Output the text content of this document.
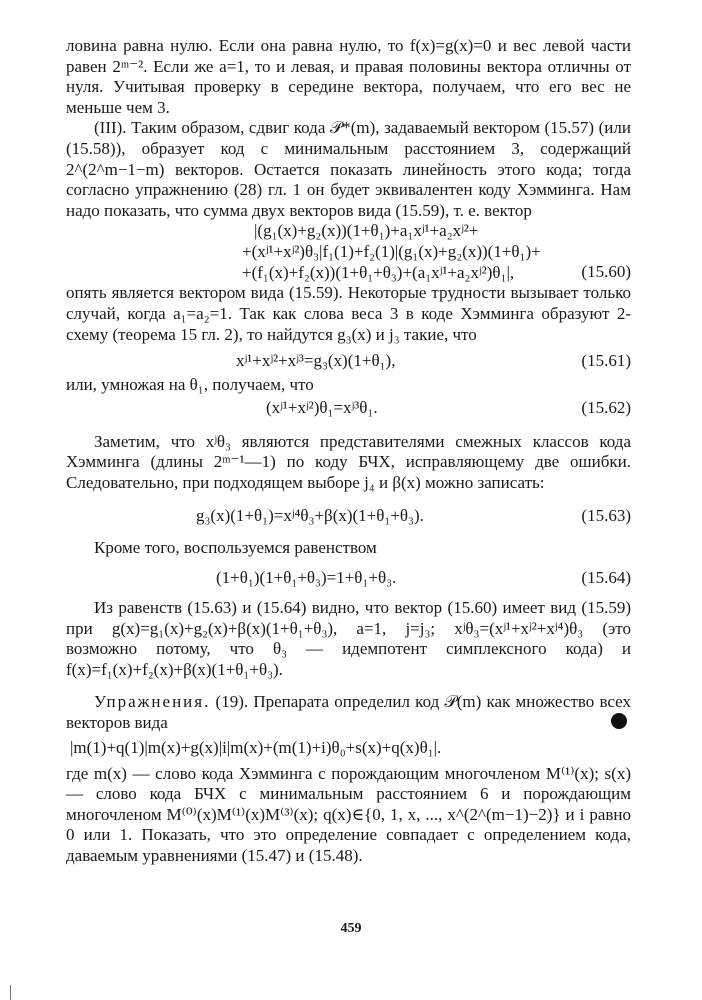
ловина равна нулю. Если она равна нулю, то f(x)=g(x)=0 и вес левой части равен 2ᵐ⁻². Если же a=1, то и левая, и правая половины вектора отличны от нуля. Учитывая проверку в середине вектора, получаем, что его вес не меньше чем 3.

(III). Таким образом, сдвиг кода 𝒫*(m), задаваемый вектором (15.57) (или (15.58)), образует код с минимальным расстоянием 3, содержащий 2^(2^m−1−m) векторов. Остается показать линейность этого кода; тогда согласно упражнению (28) гл. 1 он будет эквивалентен коду Хэмминга. Нам надо показать, что сумма двух векторов вида (15.59), т. е. вектор

|(g₁(x)+g₂(x))(1+θ₁)+a₁xʲ¹+a₂xʲ²+
+(xʲ¹+xʲ²)θ₃|f₁(1)+f₂(1)|(g₁(x)+g₂(x))(1+θ₁)+
+(f₁(x)+f₂(x))(1+θ₁+θ₃)+(a₁xʲ¹+a₂xʲ²)θ₁|,	(15.60)

опять является вектором вида (15.59). Некоторые трудности вызывает только случай, когда a₁=a₂=1. Так как слова веса 3 в коде Хэмминга образуют 2-схему (теорема 15 гл. 2), то найдутся g₃(x) и j₃ такие, что

xʲ¹+xʲ²+xʲ³=g₃(x)(1+θ₁),	(15.61)

или, умножая на θ₁, получаем, что

(xʲ¹+xʲ²)θ₁=xʲ³θ₁.	(15.62)

Заметим, что xʲθ₃ являются представителями смежных классов кода Хэмминга (длины 2ᵐ⁻¹—1) по коду БЧХ, исправляющему две ошибки. Следовательно, при подходящем выборе j₄ и β(x) можно записать:

g₃(x)(1+θ₁)=xʲ⁴θ₃+β(x)(1+θ₁+θ₃).	(15.63)

Кроме того, воспользуемся равенством

(1+θ₁)(1+θ₁+θ₃)=1+θ₁+θ₃.	(15.64)

Из равенств (15.63) и (15.64) видно, что вектор (15.60) имеет вид (15.59) при g(x)=g₁(x)+g₂(x)+β(x)(1+θ₁+θ₃), a=1, j=j₃; xʲθ₃=(xʲ¹+xʲ²+xʲ⁴)θ₃ (это возможно потому, что θ₃ — идемпотент симплексного кода) и f(x)=f₁(x)+f₂(x)+β(x)(1+θ₁+θ₃).

Упражнения. (19). Препарата определил код 𝒫(m) как множество всех векторов вида

|m(1)+q(1)|m(x)+g(x)|i|m(x)+(m(1)+i)θ₀+s(x)+q(x)θ₁|.

где m(x) — слово кода Хэмминга с порождающим многочленом M⁽¹⁾(x); s(x) — слово кода БЧХ с минимальным расстоянием 6 и порождающим многочленом M⁽⁰⁾(x)M⁽¹⁾(x)M⁽³⁾(x); q(x)∈{0, 1, x, ..., x^(2^(m−1)−2)} и i равно 0 или 1. Показать, что это определение совпадает с определением кода, даваемым уравнениями (15.47) и (15.48).

459
